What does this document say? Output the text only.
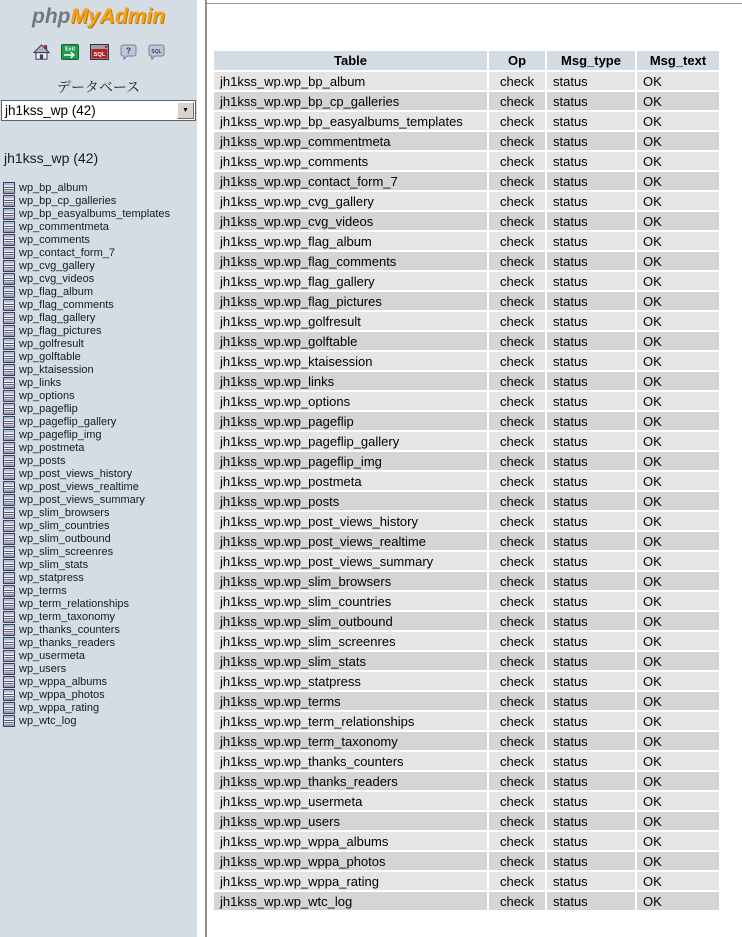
phpMyAdmin
Exit
SQL ?	SQL
データベース
jh1kss_wp (42)	▼
jh1kss_wp (42)
wp_bp_album
wp_bp_cp_galleries
wp_bp_easyalbums_templates
wp_commentmeta
wp_comments
wp_contact_form_7
wp_cvg_gallery
wp_cvg_videos
wp_flag_album
wp_flag_comments
wp_flag_gallery
wp_flag_pictures
wp_golfresult
wp_golftable
wp_ktaisession
wp_links
wp_options
wp_pageflip
wp_pageflip_gallery
wp_pageflip_img
wp_postmeta
wp_posts
wp_post_views_history
wp_post_views_realtime
wp_post_views_summary
wp_slim_browsers
wp_slim_countries
wp_slim_outbound
wp_slim_screenres
wp_slim_stats
wp_statpress
wp_terms
wp_term_relationships
wp_term_taxonomy
wp_thanks_counters
wp_thanks_readers
wp_usermeta
wp_users
wp_wppa_albums
wp_wppa_photos
wp_wppa_rating
wp_wtc_log
Table	Op	Msg_type	Msg_text
jh1kss_wp.wp_bp_album	check	status	OK
jh1kss_wp.wp_bp_cp_galleries	check	status	OK
jh1kss_wp.wp_bp_easyalbums_templates	check	status	OK
jh1kss_wp.wp_commentmeta	check	status	OK
jh1kss_wp.wp_comments	check	status	OK
jh1kss_wp.wp_contact_form_7	check	status	OK
jh1kss_wp.wp_cvg_gallery	check	status	OK
jh1kss_wp.wp_cvg_videos	check	status	OK
jh1kss_wp.wp_flag_album	check	status	OK
jh1kss_wp.wp_flag_comments	check	status	OK
jh1kss_wp.wp_flag_gallery	check	status	OK
jh1kss_wp.wp_flag_pictures	check	status	OK
jh1kss_wp.wp_golfresult	check	status	OK
jh1kss_wp.wp_golftable	check	status	OK
jh1kss_wp.wp_ktaisession	check	status	OK
jh1kss_wp.wp_links	check	status	OK
jh1kss_wp.wp_options	check	status	OK
jh1kss_wp.wp_pageflip	check	status	OK
jh1kss_wp.wp_pageflip_gallery	check	status	OK
jh1kss_wp.wp_pageflip_img	check	status	OK
jh1kss_wp.wp_postmeta	check	status	OK
jh1kss_wp.wp_posts	check	status	OK
jh1kss_wp.wp_post_views_history	check	status	OK
jh1kss_wp.wp_post_views_realtime	check	status	OK
jh1kss_wp.wp_post_views_summary	check	status	OK
jh1kss_wp.wp_slim_browsers	check	status	OK
jh1kss_wp.wp_slim_countries	check	status	OK
jh1kss_wp.wp_slim_outbound	check	status	OK
jh1kss_wp.wp_slim_screenres	check	status	OK
jh1kss_wp.wp_slim_stats	check	status	OK
jh1kss_wp.wp_statpress	check	status	OK
jh1kss_wp.wp_terms	check	status	OK
jh1kss_wp.wp_term_relationships	check	status	OK
jh1kss_wp.wp_term_taxonomy	check	status	OK
jh1kss_wp.wp_thanks_counters	check	status	OK
jh1kss_wp.wp_thanks_readers	check	status	OK
jh1kss_wp.wp_usermeta	check	status	OK
jh1kss_wp.wp_users	check	status	OK
jh1kss_wp.wp_wppa_albums	check	status	OK
jh1kss_wp.wp_wppa_photos	check	status	OK
jh1kss_wp.wp_wppa_rating	check	status	OK
jh1kss_wp.wp_wtc_log	check	status	OK
